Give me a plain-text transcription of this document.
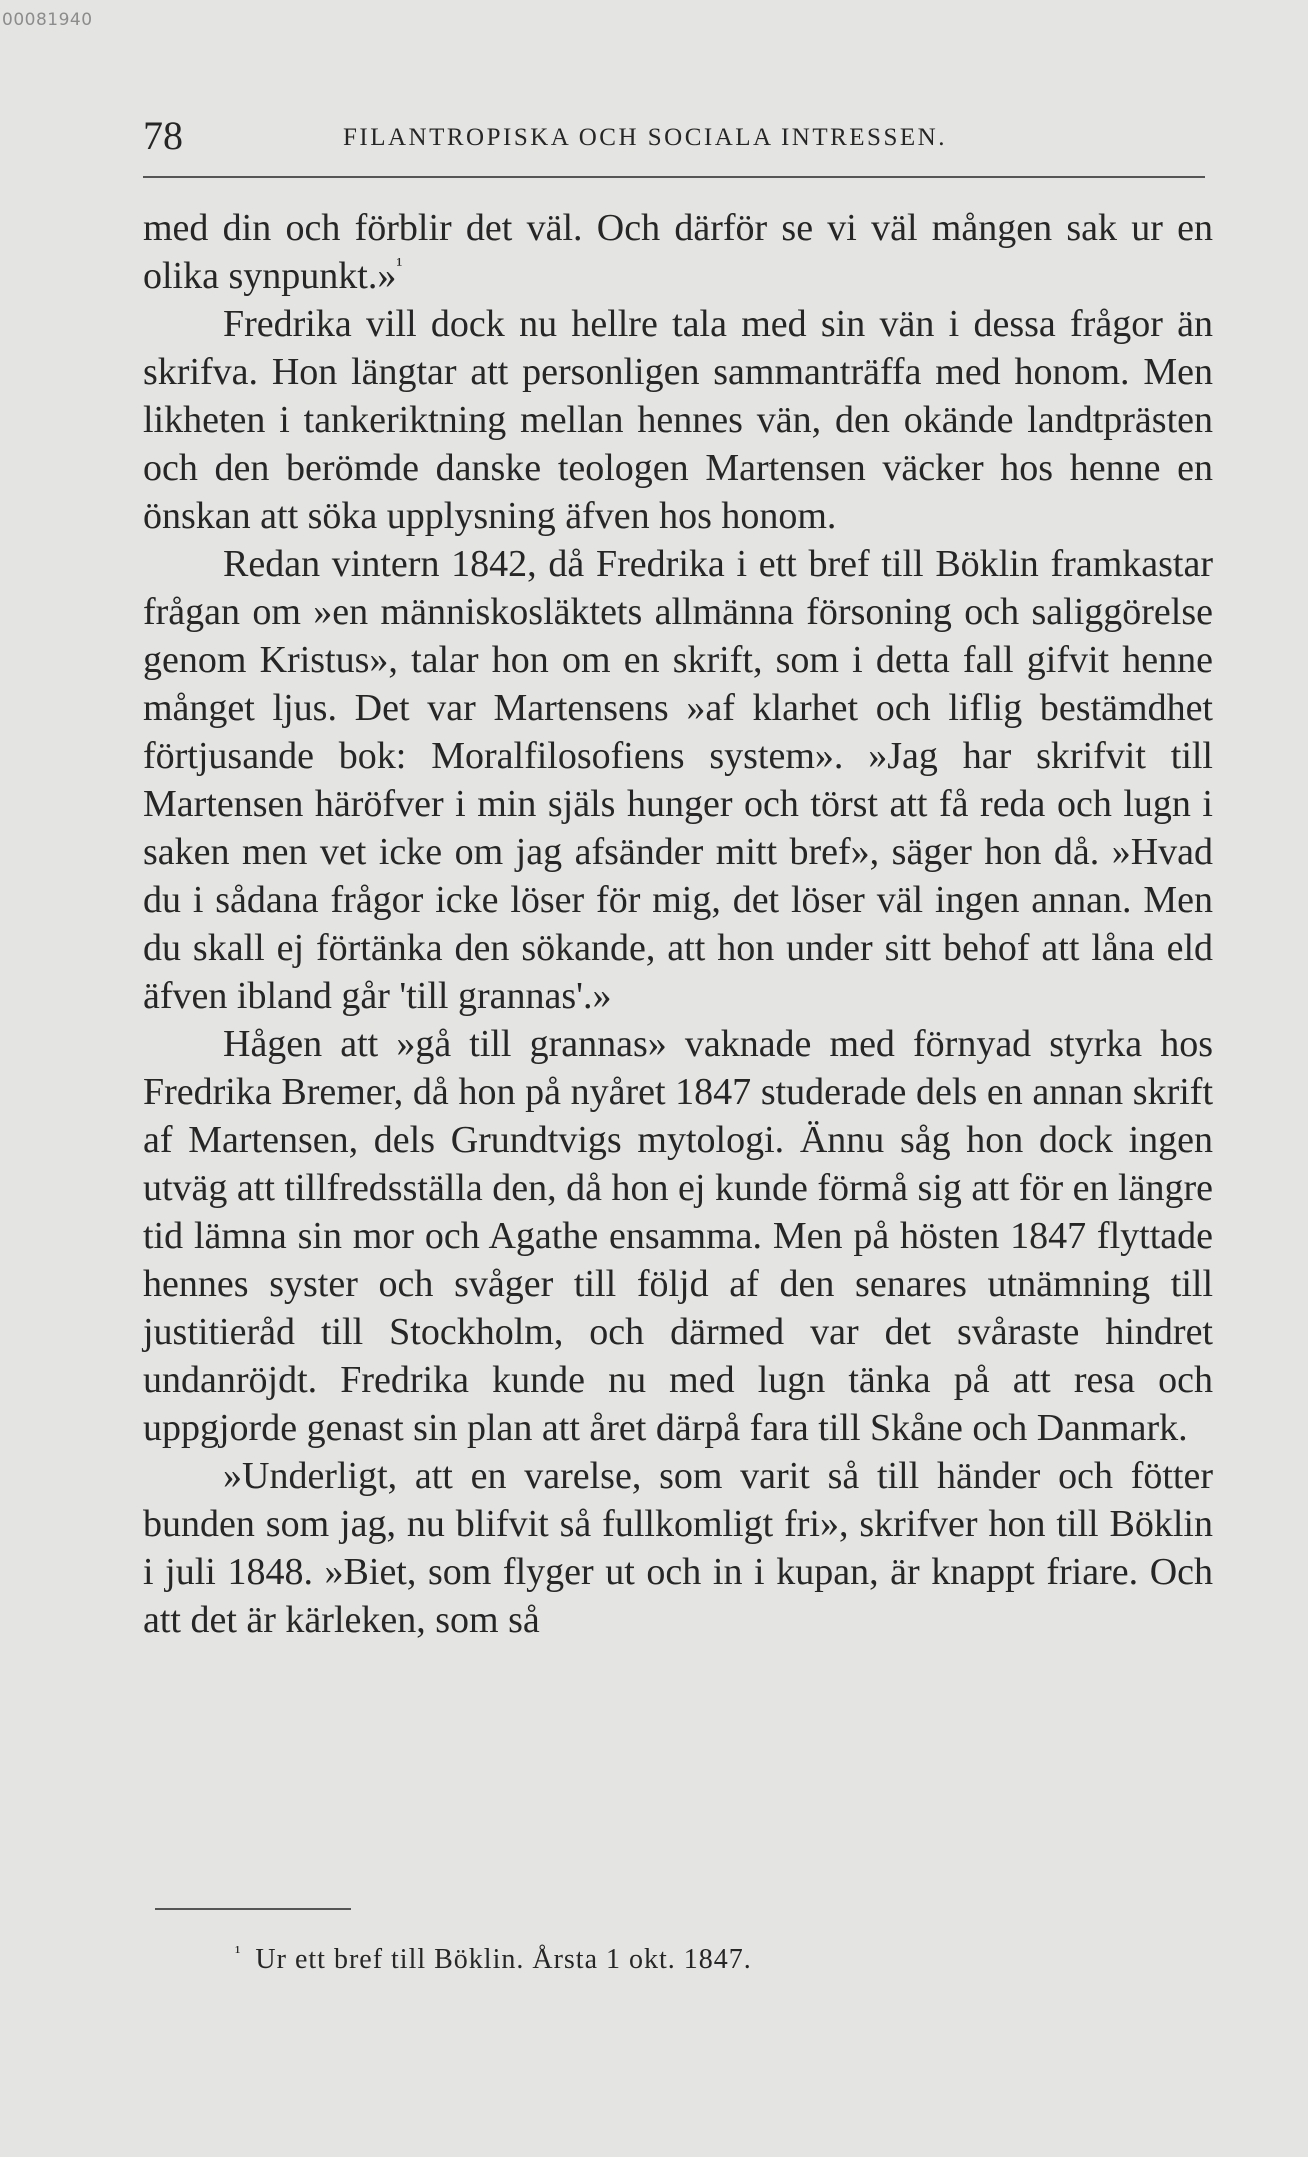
00081940
78	FILANTROPISKA OCH SOCIALA INTRESSEN.

med din och förblir det väl. Och därför se vi väl mången sak ur en olika synpunkt.»$^{^1}$

Fredrika vill dock nu hellre tala med sin vän i dessa frågor än skrifva. Hon längtar att personligen sammanträffa med honom. Men likheten i tankeriktning mellan hennes vän, den okände landtprästen och den berömde danske teologen Martensen väcker hos henne en önskan att söka upplysning äfven hos honom.

Redan vintern 1842, då Fredrika i ett bref till Böklin framkastar frågan om »en människosläktets allmänna försoning och saliggörelse genom Kristus», talar hon om en skrift, som i detta fall gifvit henne månget ljus. Det var Martensens »af klarhet och liflig bestämdhet förtjusande bok: Moralfilosofiens system». »Jag har skrifvit till Martensen häröfver i min själs hunger och törst att få reda och lugn i saken men vet icke om jag afsänder mitt bref», säger hon då. »Hvad du i sådana frågor icke löser för mig, det löser väl ingen annan. Men du skall ej förtänka den sökande, att hon under sitt behof att låna eld äfven ibland går 'till grannas'.»

Hågen att »gå till grannas» vaknade med förnyad styrka hos Fredrika Bremer, då hon på nyåret 1847 studerade dels en annan skrift af Martensen, dels Grundtvigs mytologi. Ännu såg hon dock ingen utväg att tillfredsställa den, då hon ej kunde förmå sig att för en längre tid lämna sin mor och Agathe ensamma. Men på hösten 1847 flyttade hennes syster och svåger till följd af den senares utnämning till justitieråd till Stockholm, och därmed var det svåraste hindret undanröjdt. Fredrika kunde nu med lugn tänka på att resa och uppgjorde genast sin plan att året därpå fara till Skåne och Danmark.

»Underligt, att en varelse, som varit så till händer och fötter bunden som jag, nu blifvit så fullkomligt fri», skrifver hon till Böklin i juli 1848. »Biet, som flyger ut och in i kupan, är knappt friare. Och att det är kärleken, som så

$^{^1}$ Ur ett bref till Böklin. Årsta 1 okt. 1847.
